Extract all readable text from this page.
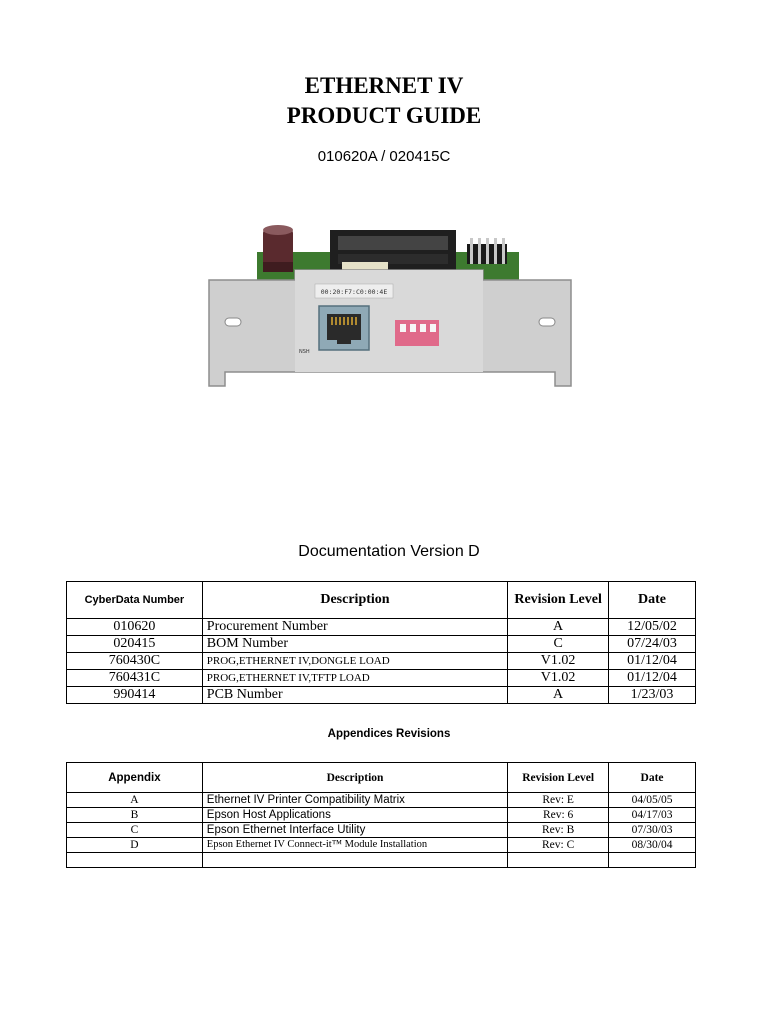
ETHERNET IV
PRODUCT GUIDE
010620A / 020415C
00:20:F7:C0:00:4E
NSH
Documentation Version D
CyberData Number	Description	Revision Level	Date
010620	Procurement Number	A	12/05/02
020415	BOM Number	C	07/24/03
760430C	PROG,ETHERNET IV,DONGLE LOAD	V1.02	01/12/04
760431C	PROG,ETHERNET IV,TFTP LOAD	V1.02	01/12/04
990414	PCB Number	A	1/23/03
Appendices Revisions
Appendix	Description	Revision Level	Date
A	Ethernet IV Printer Compatibility Matrix	Rev: E	04/05/05
B	Epson Host Applications	Rev: 6	04/17/03
C	Epson Ethernet Interface Utility	Rev: B	07/30/03
D	Epson Ethernet IV Connect-it™ Module Installation	Rev: C	08/30/04
